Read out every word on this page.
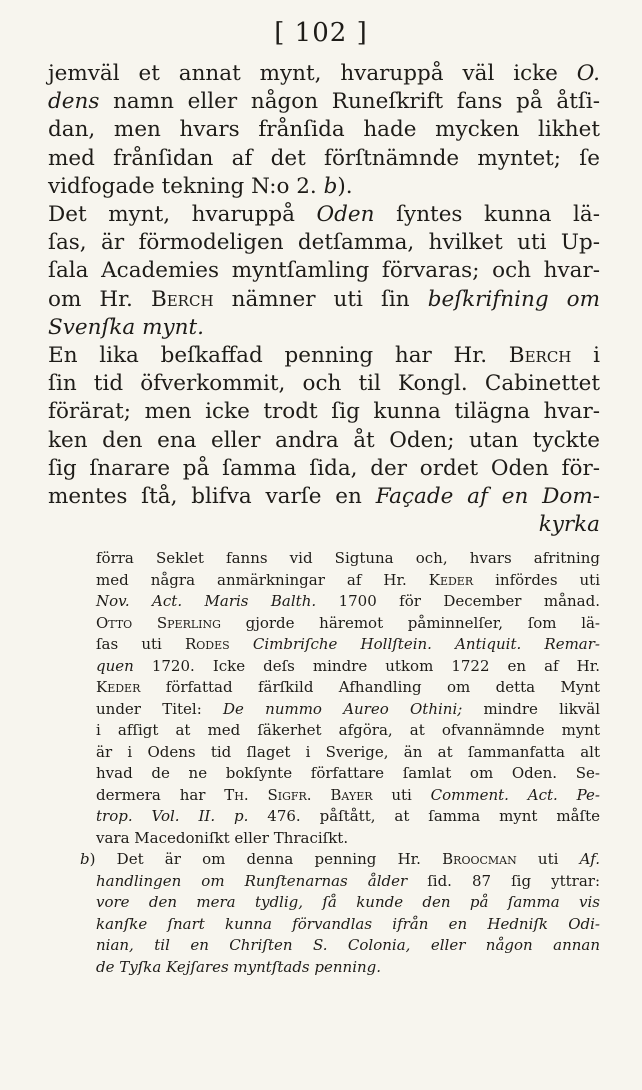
[ 102 ]
jemväl et annat mynt, hvaruppå väl icke O.
dens namn eller någon Runeſkrift fans på åtſi-
dan, men hvars frånſida hade mycken likhet
med frånſidan af det förſtnämnde myntet; ſe
vidfogade tekning N:o 2. b).
Det mynt, hvaruppå Oden ſyntes kunna lä-
ſas, är förmodeligen detſamma, hvilket uti Up-
ſala Academies myntſamling förvaras; och hvar-
om Hr. Berch nämner uti ſin beſkrifning om
Svenſka mynt.
En lika beſkaffad penning har Hr. Berch i
ſin tid öfverkommit, och til Kongl. Cabinettet
förärat; men icke trodt ſig kunna tilägna hvar-
ken den ena eller andra åt Oden; utan tyckte
ſig ſnarare på ſamma ſida, der ordet Oden för-
mentes ſtå, blifva varſe en Façade af en Dom-
kyrka
förra Seklet fanns vid Sigtuna och, hvars afritning
med några anmärkningar af Hr. Keder infördes uti
Nov. Act. Maris Balth. 1700 för December månad.
Otto Sperling gjorde häremot påminnelſer, ſom lä-
ſas uti Rodes Cimbriſche Hollſtein. Antiquit. Remar-
quen 1720. Icke deſs mindre utkom 1722 en af Hr.
Keder författad färſkild Afhandling om detta Mynt
under Titel: De nummo Aureo Othini; mindre likväl
i afſigt at med ſäkerhet afgöra, at ofvannämnde mynt
är i Odens tid ſlaget i Sverige, än at ſammanfatta alt
hvad de ne bokſynte författare ſamlat om Oden. Se-
dermera har Th. Sigfr. Bayer uti Comment. Act. Pe-
trop. Vol. II. p. 476. påſtått, at ſamma mynt måſte
vara Macedoniſkt eller Thraciſkt.
b) Det är om denna penning Hr. Broocman uti Af.
handlingen om Runſtenarnas ålder ſid. 87 ſig yttrar:
vore den mera tydlig, ſå kunde den på ſamma vis
kanſke ſnart kunna förvandlas ifrån en Hedniſk Odi-
nian, til en Chriſten S. Colonia, eller någon annan
de Tyſka Kejſares myntſtads penning.
